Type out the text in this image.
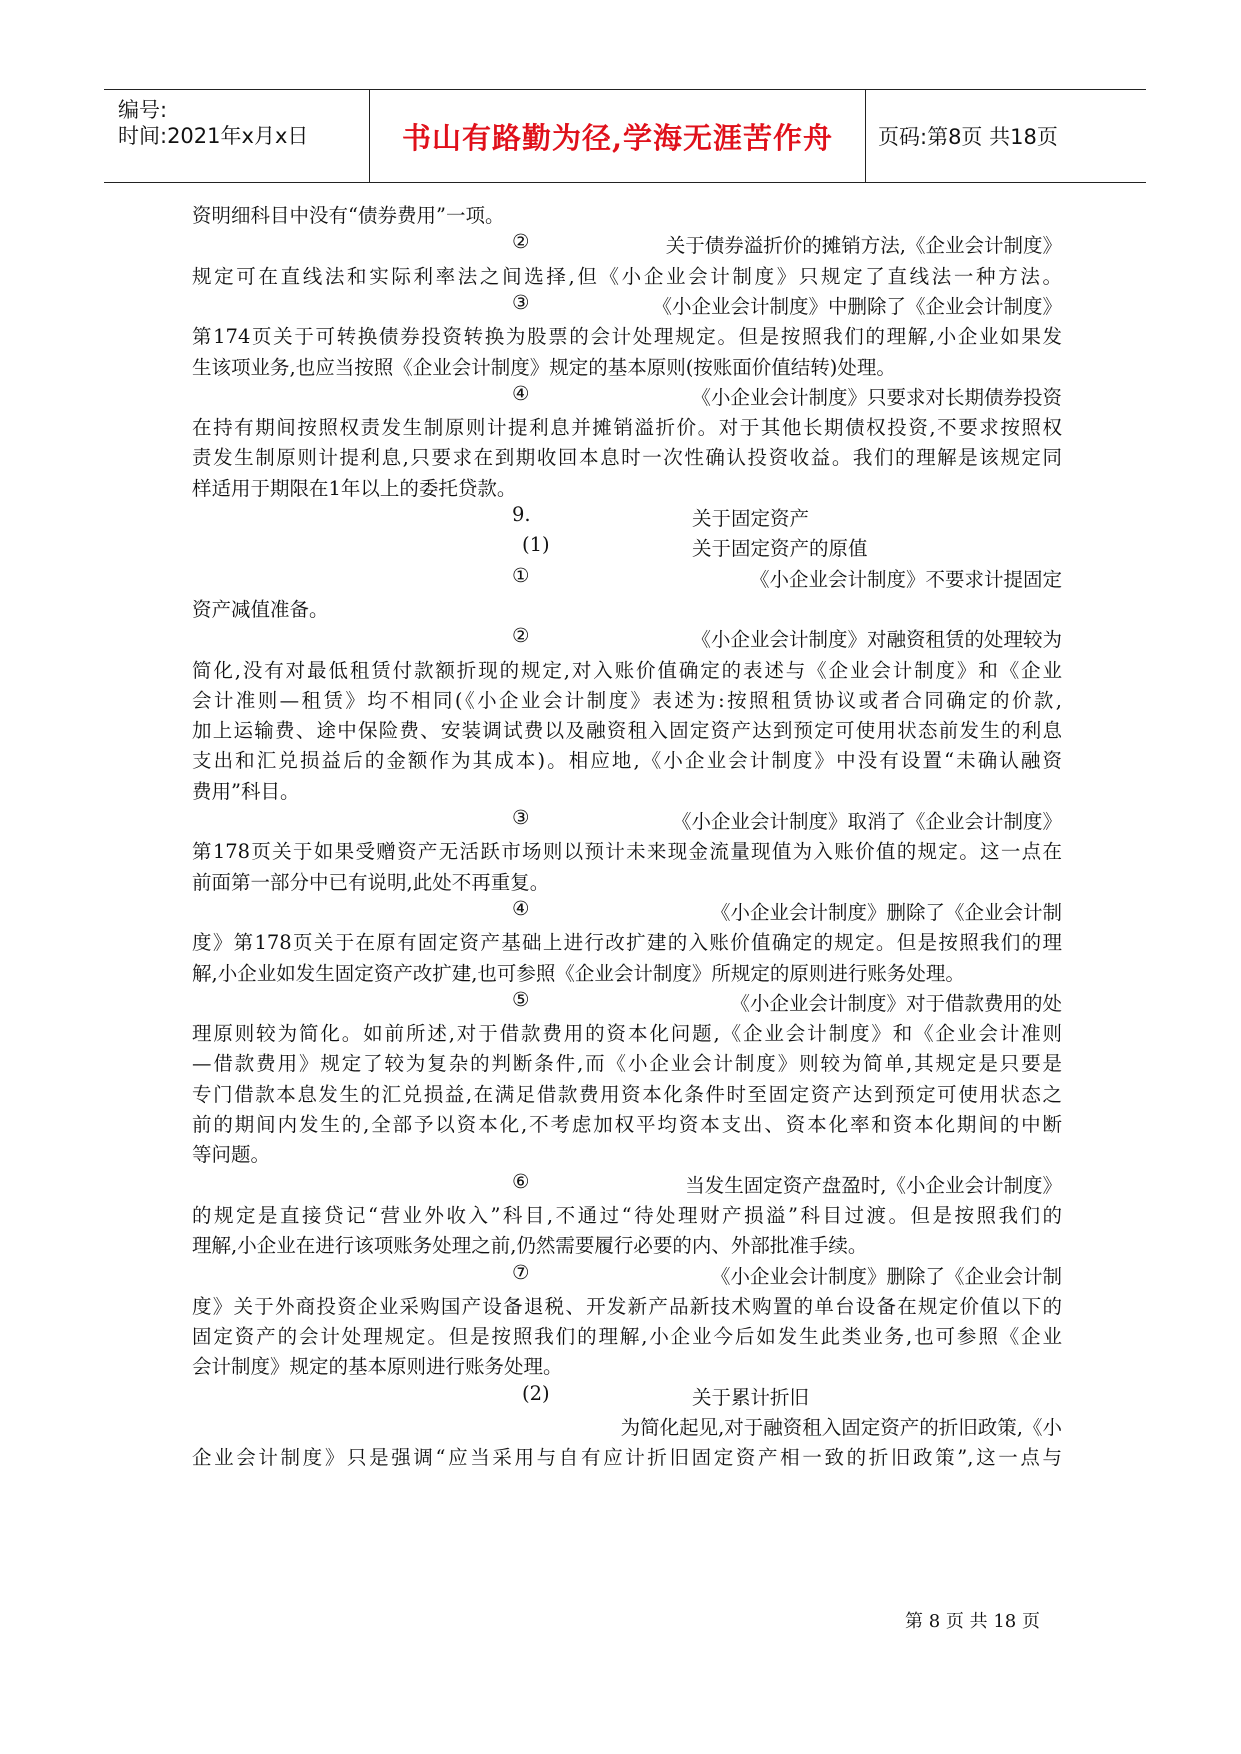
编号:
时间:2021年x月x日	书山有路勤为径,学海无涯苦作舟 页码:第8页 共18页
资明细科目中没有“债券费用”一项。
②	关于债券溢折价的摊销方法,《企业会计制度》
规定可在直线法和实际利率法之间选择,但《小企业会计制度》只规定了直线法一种方法。
③	《小企业会计制度》中删除了《企业会计制度》
第174页关于可转换债券投资转换为股票的会计处理规定。但是按照我们的理解,小企业如果发
生该项业务,也应当按照《企业会计制度》规定的基本原则(按账面价值结转)处理。
④	《小企业会计制度》只要求对长期债券投资
在持有期间按照权责发生制原则计提利息并摊销溢折价。对于其他长期债权投资,不要求按照权
责发生制原则计提利息,只要求在到期收回本息时一次性确认投资收益。我们的理解是该规定同
样适用于期限在1年以上的委托贷款。
9.	关于固定资产
(1)	关于固定资产的原值
①	《小企业会计制度》不要求计提固定
资产减值准备。
②	《小企业会计制度》对融资租赁的处理较为
简化,没有对最低租赁付款额折现的规定,对入账价值确定的表述与《企业会计制度》和《企业
会计准则—租赁》均不相同(《小企业会计制度》表述为:按照租赁协议或者合同确定的价款,
加上运输费、途中保险费、安装调试费以及融资租入固定资产达到预定可使用状态前发生的利息
支出和汇兑损益后的金额作为其成本)。相应地,《小企业会计制度》中没有设置“未确认融资
费用”科目。
③	《小企业会计制度》取消了《企业会计制度》
第178页关于如果受赠资产无活跃市场则以预计未来现金流量现值为入账价值的规定。这一点在
前面第一部分中已有说明,此处不再重复。
④	《小企业会计制度》删除了《企业会计制
度》第178页关于在原有固定资产基础上进行改扩建的入账价值确定的规定。但是按照我们的理
解,小企业如发生固定资产改扩建,也可参照《企业会计制度》所规定的原则进行账务处理。
⑤	《小企业会计制度》对于借款费用的处
理原则较为简化。如前所述,对于借款费用的资本化问题,《企业会计制度》和《企业会计准则
—借款费用》规定了较为复杂的判断条件,而《小企业会计制度》则较为简单,其规定是只要是
专门借款本息发生的汇兑损益,在满足借款费用资本化条件时至固定资产达到预定可使用状态之
前的期间内发生的,全部予以资本化,不考虑加权平均资本支出、资本化率和资本化期间的中断
等问题。
⑥	当发生固定资产盘盈时,《小企业会计制度》
的规定是直接贷记“营业外收入”科目,不通过“待处理财产损溢”科目过渡。但是按照我们的
理解,小企业在进行该项账务处理之前,仍然需要履行必要的内、外部批准手续。
⑦	《小企业会计制度》删除了《企业会计制
度》关于外商投资企业采购国产设备退税、开发新产品新技术购置的单台设备在规定价值以下的
固定资产的会计处理规定。但是按照我们的理解,小企业今后如发生此类业务,也可参照《企业
会计制度》规定的基本原则进行账务处理。
(2)	关于累计折旧
为简化起见,对于融资租入固定资产的折旧政策,《小
企业会计制度》只是强调“应当采用与自有应计折旧固定资产相一致的折旧政策”,这一点与
第 8 页 共 18 页
